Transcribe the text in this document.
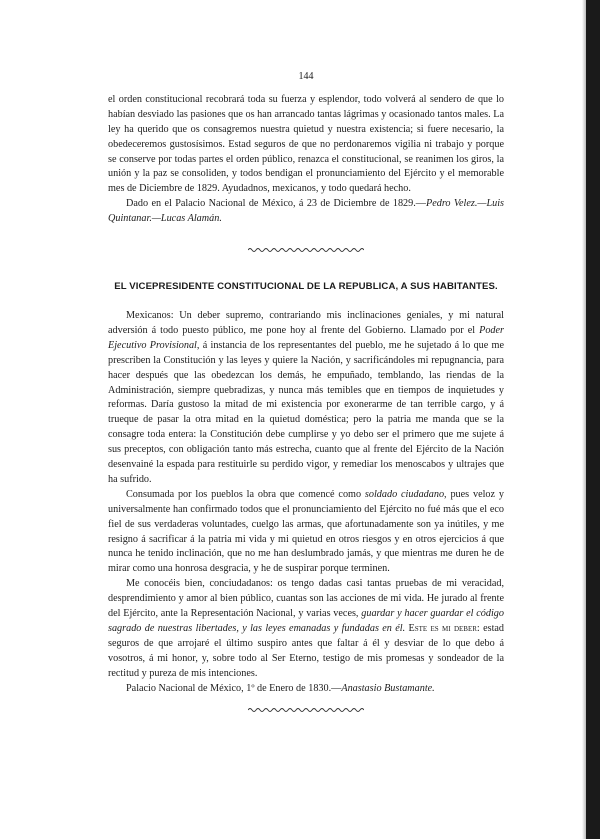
144

el orden constitucional recobrará toda su fuerza y esplendor, todo volverá al sendero de que lo habían desviado las pasiones que os han arrancado tantas lágrimas y ocasionado tantos males. La ley ha querido que os consagremos nuestra quietud y nuestra existencia; si fuere necesario, la obedeceremos gustosísimos. Estad seguros de que no perdonaremos vigilia ni trabajo y porque se conserve por todas partes el orden público, renazca el constitucional, se reanimen los giros, la unión y la paz se consoliden, y todos bendigan el pronunciamiento del Ejército y el memorable mes de Diciembre de 1829. Ayudadnos, mexicanos, y todo quedará hecho.

Dado en el Palacio Nacional de México, á 23 de Diciembre de 1829.—Pedro Velez.—Luis Quintanar.—Lucas Alamán.

EL VICEPRESIDENTE CONSTITUCIONAL DE LA REPUBLICA, A SUS HABITANTES.

Mexicanos: Un deber supremo, contrariando mis inclinaciones geniales, y mi natural adversión á todo puesto público, me pone hoy al frente del Gobierno. Llamado por el Poder Ejecutivo Provisional, á instancia de los representantes del pueblo, me he sujetado á lo que me prescriben la Constitución y las leyes y quiere la Nación, y sacrificándoles mi repugnancia, para hacer después que las obedezcan los demás, he empuñado, temblando, las riendas de la Administración, siempre quebradizas, y nunca más temibles que en tiempos de inquietudes y reformas. Daría gustoso la mitad de mi existencia por exonerarme de tan terrible cargo, y á trueque de pasar la otra mitad en la quietud doméstica; pero la patria me manda que se la consagre toda entera: la Constitución debe cumplirse y yo debo ser el primero que me sujete á sus preceptos, con obligación tanto más estrecha, cuanto que al frente del Ejército de la Nación desenvainé la espada para restituirle su perdido vigor, y remediar los menoscabos y ultrajes que ha sufrido.

Consumada por los pueblos la obra que comencé como soldado ciudadano, pues veloz y universalmente han confirmado todos que el pronunciamiento del Ejército no fué más que el eco fiel de sus verdaderas voluntades, cuelgo las armas, que afortunadamente son ya inútiles, y me resigno á sacrificar á la patria mi vida y mi quietud en otros riesgos y en otros ejercicios á que nunca he tenido inclinación, que no me han deslumbrado jamás, y que mientras me duren he de mirar como una honrosa desgracia, y he de suspirar porque terminen.

Me conocéis bien, conciudadanos: os tengo dadas casi tantas pruebas de mi veracidad, desprendimiento y amor al bien público, cuantas son las acciones de mi vida. He jurado al frente del Ejército, ante la Representación Nacional, y varias veces, guardar y hacer guardar el código sagrado de nuestras libertades, y las leyes emanadas y fundadas en él. Este es mi deber: estad seguros de que arrojaré el último suspiro antes que faltar á él y desviar de lo que debo á vosotros, á mi honor, y, sobre todo al Ser Eterno, testigo de mis promesas y sondeador de la rectitud y pureza de mis intenciones.

Palacio Nacional de México, 1º de Enero de 1830.—Anastasio Bustamante.
